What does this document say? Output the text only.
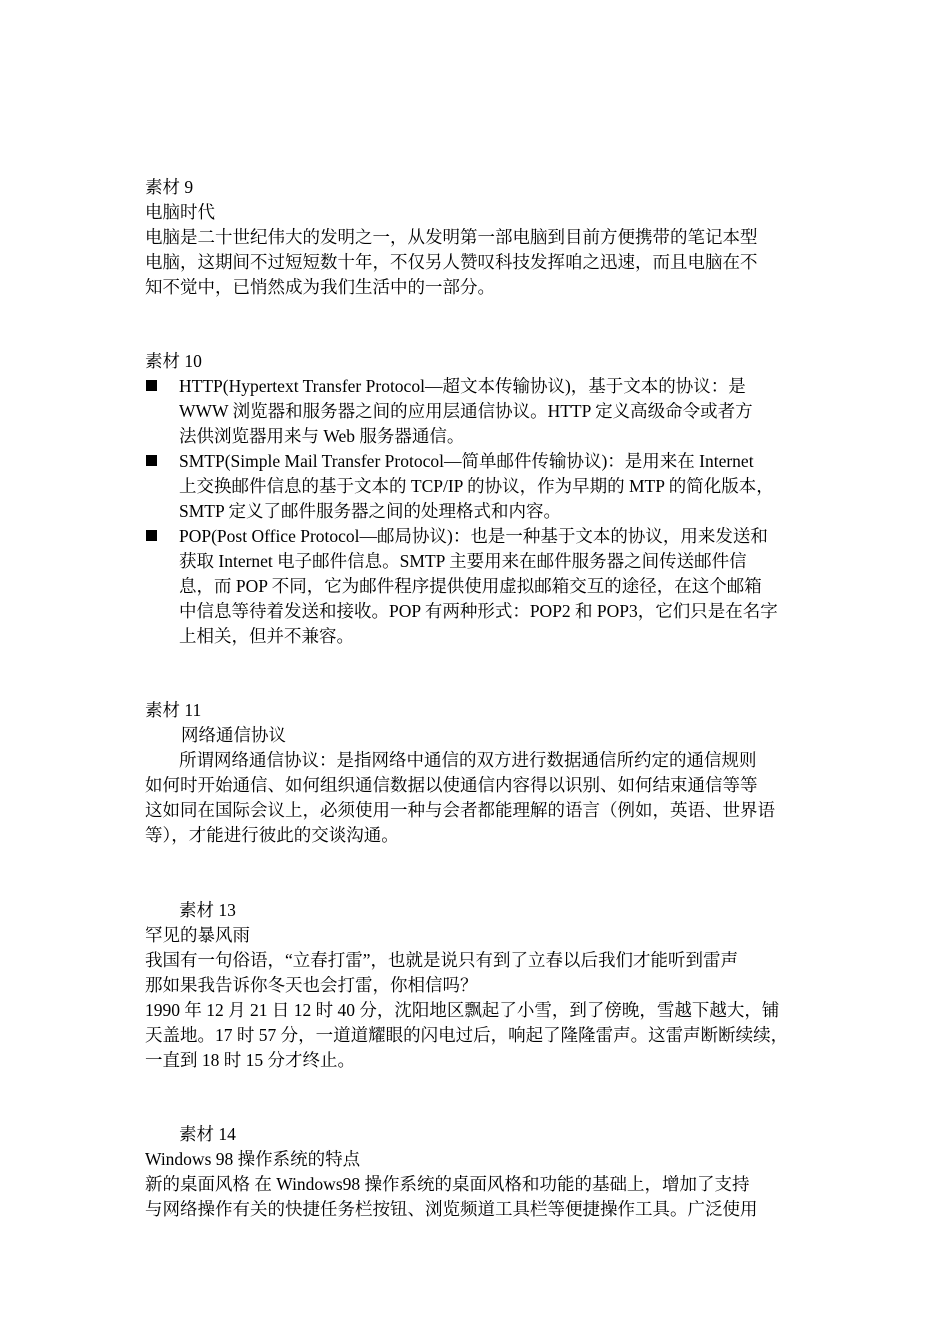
素材 9
电脑时代
电脑是二十世纪伟大的发明之一，从发明第一部电脑到目前方便携带的笔记本型
电脑，这期间不过短短数十年，不仅另人赞叹科技发挥咱之迅速，而且电脑在不
知不觉中，已悄然成为我们生活中的一部分。
素材 10
HTTP(Hypertext Transfer Protocol—超文本传输协议)，基于文本的协议：是
WWW 浏览器和服务器之间的应用层通信协议。HTTP 定义高级命令或者方
法供浏览器用来与 Web 服务器通信。
SMTP(Simple Mail Transfer Protocol—简单邮件传输协议)：是用来在 Internet
上交换邮件信息的基于文本的 TCP/IP 的协议，作为早期的 MTP 的简化版本，
SMTP 定义了邮件服务器之间的处理格式和内容。
POP(Post Office Protocol—邮局协议)：也是一种基于文本的协议，用来发送和
获取 Internet 电子邮件信息。SMTP 主要用来在邮件服务器之间传送邮件信
息，而 POP 不同，它为邮件程序提供使用虚拟邮箱交互的途径，在这个邮箱
中信息等待着发送和接收。POP 有两种形式：POP2 和 POP3，它们只是在名字
上相关，但并不兼容。
素材 11
网络通信协议
所谓网络通信协议：是指网络中通信的双方进行数据通信所约定的通信规则
如何时开始通信、如何组织通信数据以使通信内容得以识别、如何结束通信等等
这如同在国际会议上，必须使用一种与会者都能理解的语言（例如，英语、世界语
等），才能进行彼此的交谈沟通。
素材 13
罕见的暴风雨
我国有一句俗语，“立春打雷”，也就是说只有到了立春以后我们才能听到雷声
那如果我告诉你冬天也会打雷，你相信吗？
1990 年 12 月 21 日 12 时 40 分，沈阳地区飘起了小雪，到了傍晚，雪越下越大，铺
天盖地。17 时 57 分，一道道耀眼的闪电过后，响起了隆隆雷声。这雷声断断续续，
一直到 18 时 15 分才终止。
素材 14
Windows 98 操作系统的特点
新的桌面风格 在 Windows98 操作系统的桌面风格和功能的基础上，增加了支持
与网络操作有关的快捷任务栏按钮、浏览频道工具栏等便捷操作工具。广泛使用
